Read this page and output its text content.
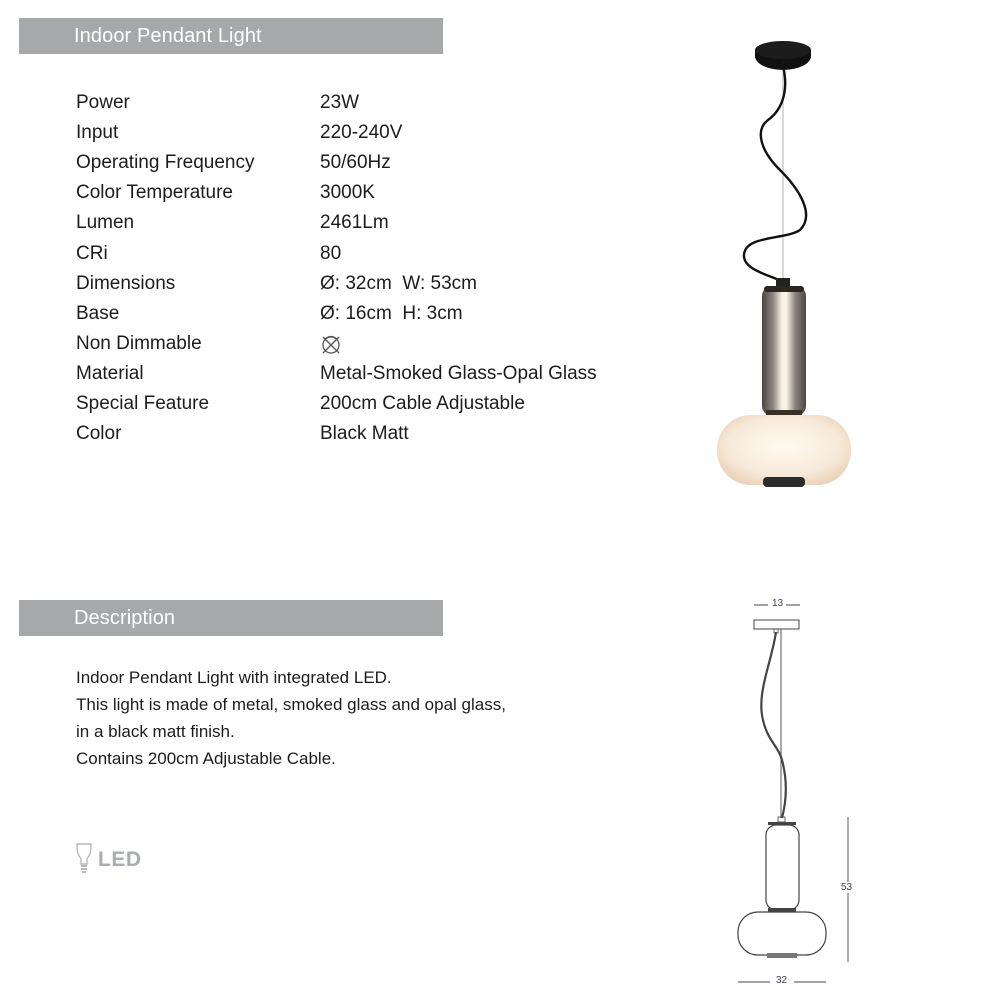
Indoor Pendant Light
Power	23W
Input	220-240V
Operating Frequency	50/60Hz
Color Temperature	3000K
Lumen	2461Lm
CRi	80
Dimensions	Ø: 32cm  W: 53cm
Base	Ø: 16cm  H: 3cm
Non Dimmable
Material	Metal-Smoked Glass-Opal Glass
Special Feature	200cm Cable Adjustable
Color	Black Matt
Description

Indoor Pendant Light with integrated LED.

This light is made of metal, smoked glass and opal glass,

in a black matt finish.

Contains 200cm Adjustable Cable.

LED
13
53
32
